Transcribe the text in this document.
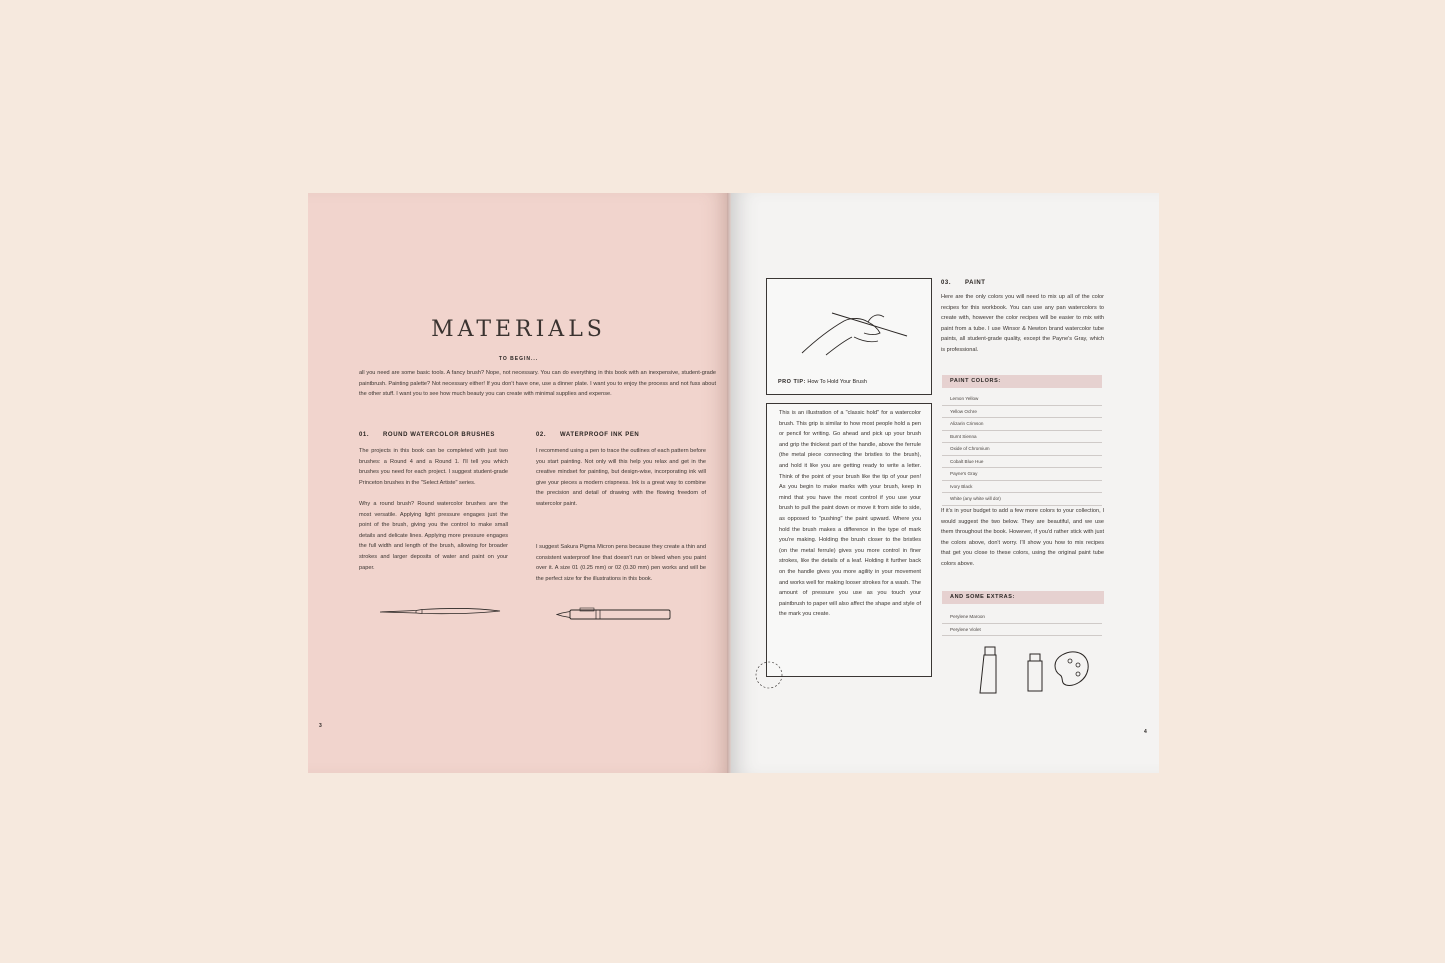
MATERIALS
TO BEGIN...
all you need are some basic tools. A fancy brush? Nope, not necessary. You can do everything in this book with an inexpensive, student-grade paintbrush. Painting palette? Not necessary either! If you don't have one, use a dinner plate. I want you to enjoy the process and not fuss about the other stuff. I want you to see how much beauty you can create with minimal supplies and expense.
01. ROUND WATERCOLOR BRUSHES
The projects in this book can be completed with just two brushes: a Round 4 and a Round 1. I'll tell you which brushes you need for each project. I suggest student-grade Princeton brushes in the "Select Artiste" series.
Why a round brush? Round watercolor brushes are the most versatile. Applying light pressure engages just the point of the brush, giving you the control to make small details and delicate lines. Applying more pressure engages the full width and length of the brush, allowing for broader strokes and larger deposits of water and paint on your paper.
02. WATERPROOF INK PEN
I recommend using a pen to trace the outlines of each pattern before you start painting. Not only will this help you relax and get in the creative mindset for painting, but design-wise, incorporating ink will give your pieces a modern crispness. Ink is a great way to combine the precision and detail of drawing with the flowing freedom of watercolor paint.
I suggest Sakura Pigma Micron pens because they create a thin and consistent waterproof line that doesn't run or bleed when you paint over it. A size 01 (0.25 mm) or 02 (0.30 mm) pen works and will be the perfect size for the illustrations in this book.
3
PRO TIP: How To Hold Your Brush
This is an illustration of a "classic hold" for a watercolor brush. This grip is similar to how most people hold a pen or pencil for writing. Go ahead and pick up your brush and grip the thickest part of the handle, above the ferrule (the metal piece connecting the bristles to the brush), and hold it like you are getting ready to write a letter. Think of the point of your brush like the tip of your pen! As you begin to make marks with your brush, keep in mind that you have the most control if you use your brush to pull the paint down or move it from side to side, as opposed to "pushing" the paint upward. Where you hold the brush makes a difference in the type of mark you're making. Holding the brush closer to the bristles (on the metal ferrule) gives you more control in finer strokes, like the details of a leaf. Holding it further back on the handle gives you more agility in your movement and works well for making looser strokes for a wash. The amount of pressure you use as you touch your paintbrush to paper will also affect the shape and style of the mark you create.
03. PAINT
Here are the only colors you will need to mix up all of the color recipes for this workbook. You can use any pan watercolors to create with, however the color recipes will be easier to mix with paint from a tube. I use Winsor & Newton brand watercolor tube paints, all student-grade quality, except the Payne's Gray, which is professional.
PAINT COLORS:
Lemon Yellow
Yellow Ochre
Alizarin Crimson
Burnt Sienna
Oxide of Chromium
Cobalt Blue Hue
Payne's Gray
Ivory Black
White (any white will do!)
If it's in your budget to add a few more colors to your collection, I would suggest the two below. They are beautiful, and we use them throughout the book. However, if you'd rather stick with just the colors above, don't worry. I'll show you how to mix recipes that get you close to these colors, using the original paint tube colors above.
AND SOME EXTRAS:
Perylene Maroon
Perylene Violet
4
